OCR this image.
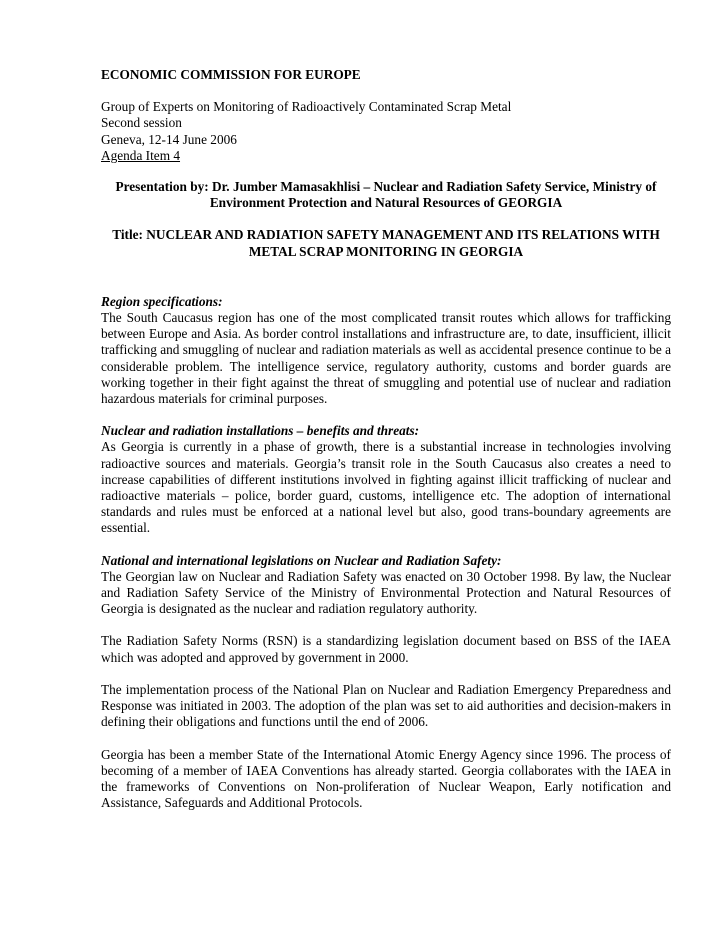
ECONOMIC COMMISSION FOR EUROPE

Group of Experts on Monitoring of Radioactively Contaminated Scrap Metal

Second session

Geneva, 12-14 June 2006

Agenda Item 4

Presentation by: Dr. Jumber Mamasakhlisi – Nuclear and Radiation Safety Service, Ministry of Environment Protection and Natural Resources of GEORGIA

Title: NUCLEAR AND RADIATION SAFETY MANAGEMENT AND ITS RELATIONS WITH METAL SCRAP MONITORING IN GEORGIA

Region specifications:

The South Caucasus region has one of the most complicated transit routes which allows for trafficking between Europe and Asia. As border control installations and infrastructure are, to date, insufficient, illicit trafficking and smuggling of nuclear and radiation materials as well as accidental presence continue to be a considerable problem. The intelligence service, regulatory authority, customs and border guards are working together in their fight against the threat of smuggling and potential use of nuclear and radiation hazardous materials for criminal purposes.

Nuclear and radiation installations – benefits and threats:

As Georgia is currently in a phase of growth, there is a substantial increase in technologies involving radioactive sources and materials. Georgia’s transit role in the South Caucasus also creates a need to increase capabilities of different institutions involved in fighting against illicit trafficking of nuclear and radioactive materials – police, border guard, customs, intelligence etc. The adoption of international standards and rules must be enforced at a national level but also, good trans-boundary agreements are essential.

National and international legislations on Nuclear and Radiation Safety:

The Georgian law on Nuclear and Radiation Safety was enacted on 30 October 1998. By law, the Nuclear and Radiation Safety Service of the Ministry of Environmental Protection and Natural Resources of Georgia is designated as the nuclear and radiation regulatory authority.

The Radiation Safety Norms (RSN) is a standardizing legislation document based on BSS of the IAEA which was adopted and approved by government in 2000.

The implementation process of the National Plan on Nuclear and Radiation Emergency Preparedness and Response was initiated in 2003. The adoption of the plan was set to aid authorities and decision-makers in defining their obligations and functions until the end of 2006.

Georgia has been a member State of the International Atomic Energy Agency since 1996. The process of becoming of a member of IAEA Conventions has already started. Georgia collaborates with the IAEA in the frameworks of Conventions on Non-proliferation of Nuclear Weapon, Early notification and Assistance, Safeguards and Additional Protocols.
